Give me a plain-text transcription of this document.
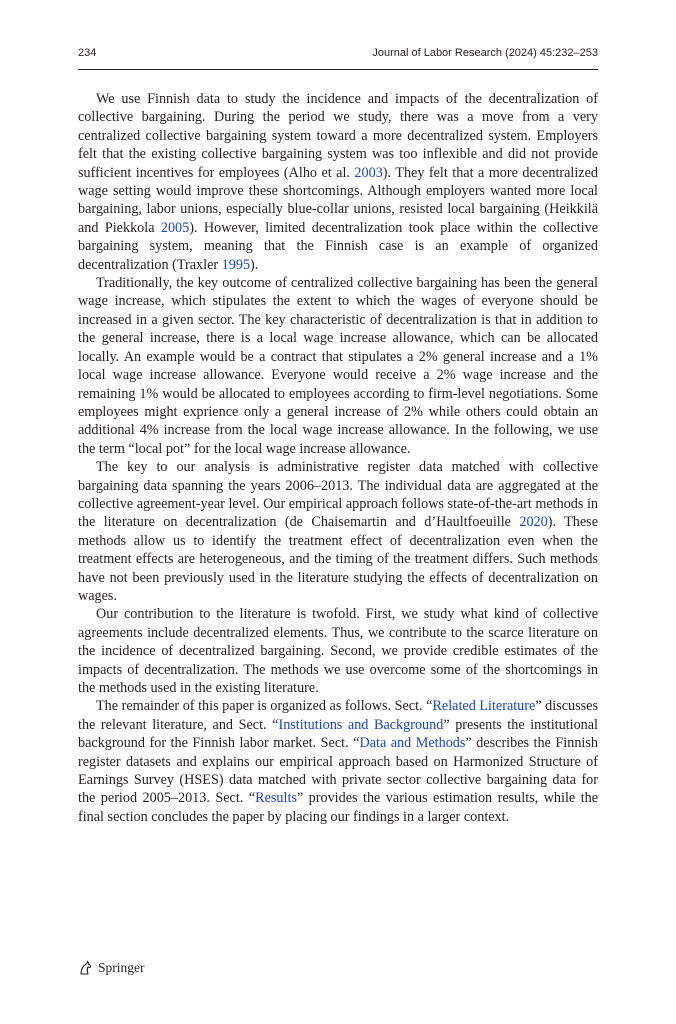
234	Journal of Labor Research (2024) 45:232–253

We use Finnish data to study the incidence and impacts of the decentralization of collective bargaining. During the period we study, there was a move from a very centralized collective bargaining system toward a more decentralized system. Employers felt that the existing collective bargaining system was too inflexible and did not provide sufficient incentives for employees (Alho et al. 2003). They felt that a more decentralized wage setting would improve these shortcomings. Although employers wanted more local bargaining, labor unions, especially blue-collar unions, resisted local bargaining (Heikkilä and Piekkola 2005). However, limited decentralization took place within the collective bargaining system, meaning that the Finnish case is an example of organized decentralization (Traxler 1995).

Traditionally, the key outcome of centralized collective bargaining has been the general wage increase, which stipulates the extent to which the wages of everyone should be increased in a given sector. The key characteristic of decentralization is that in addition to the general increase, there is a local wage increase allowance, which can be allocated locally. An example would be a contract that stipulates a 2% general increase and a 1% local wage increase allowance. Everyone would receive a 2% wage increase and the remaining 1% would be allocated to employees according to firm-level negotiations. Some employees might exprience only a general increase of 2% while others could obtain an additional 4% increase from the local wage increase allowance. In the following, we use the term “local pot” for the local wage increase allowance.

The key to our analysis is administrative register data matched with collective bargaining data spanning the years 2006–2013. The individual data are aggregated at the collective agreement-year level. Our empirical approach follows state-of-the-art methods in the literature on decentralization (de Chaisemartin and d’Haultfoeuille 2020). These methods allow us to identify the treatment effect of decentralization even when the treatment effects are heterogeneous, and the timing of the treatment differs. Such methods have not been previously used in the literature studying the effects of decentralization on wages.

Our contribution to the literature is twofold. First, we study what kind of collective agreements include decentralized elements. Thus, we contribute to the scarce literature on the incidence of decentralized bargaining. Second, we provide credible estimates of the impacts of decentralization. The methods we use overcome some of the shortcomings in the methods used in the existing literature.

The remainder of this paper is organized as follows. Sect. “Related Literature” discusses the relevant literature, and Sect. “Institutions and Background” presents the institutional background for the Finnish labor market. Sect. “Data and Methods” describes the Finnish register datasets and explains our empirical approach based on Harmonized Structure of Earnings Survey (HSES) data matched with private sector collective bargaining data for the period 2005–2013. Sect. “Results” provides the various estimation results, while the final section concludes the paper by placing our findings in a larger context.

Springer
